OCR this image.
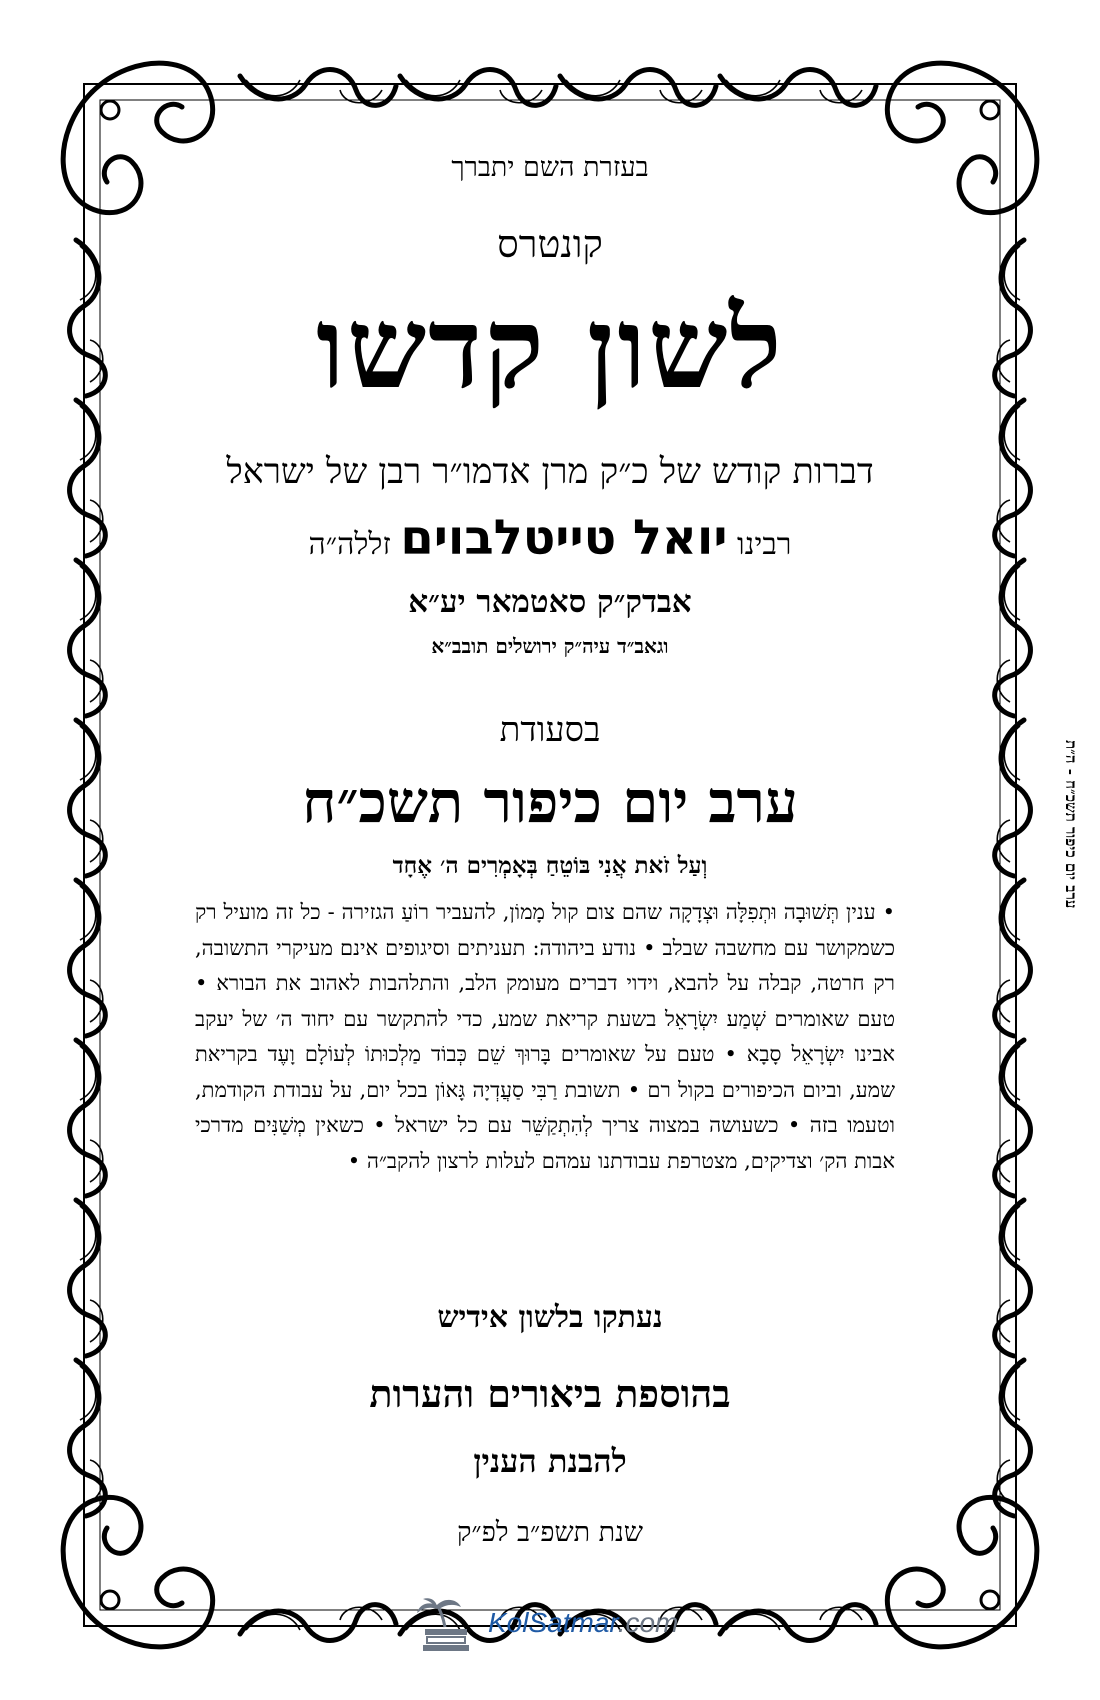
בעזרת השם יתברך
קונטרס
לשון קדשו
דברות קודש של כ״ק מרן אדמו״ר רבן של ישראל
רבינו יואל טייטלבוים זללה״ה
אבדק״ק סאטמאר יע״א
וגאב״ד עיה״ק ירושלים תובב״א
בסעודת
ערב יום כיפור תשכ״ח
וְעַל זֹאת אֲנִי בּוֹטֵחַ בְּאָמְרִים ה׳ אֶחָד
• ענין תְּשׁוּבָה וּתְפִלָּה וּצְדָקָה שהם צום קול מָמוֹן, להעביר רוֹעַ הגזירה - כל זה מועיל רק כשמקושר עם מחשבה שבלב • נודע ביהודה: תעניתים וסיגופים אינם מעיקרי התשובה, רק חרטה, קבלה על להבא, וידוי דברים מעומק הלב, והתלהבות לאהוב את הבורא • טעם שאומרים שְׁמַע יִשְׂרָאֵל בשעת קריאת שמע, כדי להתקשר עם יחוד ה׳ של יעקב אבינו יִשְׂרָאֵל סָבָא • טעם על שאומרים בָּרוּךְ שֵׁם כְּבוֹד מַלְכוּתוֹ לְעוֹלָם וָעֶד בקריאת שמע, וביום הכיפורים בקול רם • תשובת רַבִּי סַעֲדְיָה גָּאוֹן בכל יום, על עבודת הקודמת, וטעמו בזה • כשעושה במצוה צריך לְהִתְקַשֵּׁר עם כל ישראל • כשאין מְשַׁנִּים מדרכי אבות הק׳ וצדיקים, מצטרפת עבודתנו עמהם לעלות לרצון להקב״ה •
נעתקו בלשון אידיש
בהוספת ביאורים והערות
להבנת הענין
שנת תשפ״ב לפ״ק
ערב יום כיפור תשכ״ח - ה״ת
KolSatmar.com
